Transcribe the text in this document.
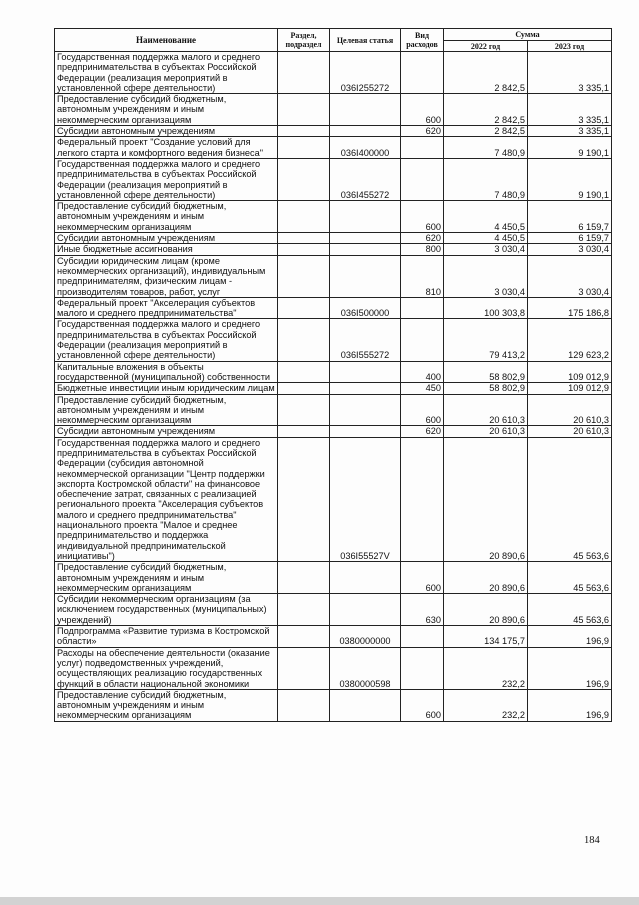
Наименование	Раздел, подраздел	Целевая статья	Вид расходов	Сумма	
				2022 год	2023 год
Государственная поддержка малого и среднего предпринимательства в субъектах Российской Федерации (реализация мероприятий в установленной сфере деятельности)		036I255272		2 842,5	3 335,1
Предоставление субсидий бюджетным, автономным учреждениям и иным некоммерческим организациям			600	2 842,5	3 335,1
Субсидии автономным учреждениям			620	2 842,5	3 335,1
Федеральный проект "Создание условий для легкого старта и комфортного ведения бизнеса"		036I400000		7 480,9	9 190,1
Государственная поддержка малого и среднего предпринимательства в субъектах Российской Федерации (реализация мероприятий в установленной сфере деятельности)		036I455272		7 480,9	9 190,1
Предоставление субсидий бюджетным, автономным учреждениям и иным некоммерческим организациям			600	4 450,5	6 159,7
Субсидии автономным учреждениям			620	4 450,5	6 159,7
Иные бюджетные ассигнования			800	3 030,4	3 030,4
Субсидии юридическим лицам (кроме некоммерческих организаций), индивидуальным предпринимателям, физическим лицам - производителям товаров, работ, услуг			810	3 030,4	3 030,4
Федеральный проект "Акселерация субъектов малого и среднего предпринимательства"		036I500000		100 303,8	175 186,8
Государственная поддержка малого и среднего предпринимательства в субъектах Российской Федерации (реализация мероприятий в установленной сфере деятельности)		036I555272		79 413,2	129 623,2
Капитальные вложения в объекты государственной (муниципальной) собственности			400	58 802,9	109 012,9
Бюджетные инвестиции иным юридическим лицам			450	58 802,9	109 012,9
Предоставление субсидий бюджетным, автономным учреждениям и иным некоммерческим организациям			600	20 610,3	20 610,3
Субсидии автономным учреждениям			620	20 610,3	20 610,3
Государственная поддержка малого и среднего предпринимательства в субъектах Российской Федерации (субсидия автономной некоммерческой организации "Центр поддержки экспорта Костромской области" на финансовое обеспечение затрат, связанных с реализацией регионального проекта "Акселерация субъектов малого и среднего предпринимательства" национального проекта "Малое и среднее предпринимательство и поддержка индивидуальной предпринимательской инициативы")		036I55527V		20 890,6	45 563,6
Предоставление субсидий бюджетным, автономным учреждениям и иным некоммерческим организациям			600	20 890,6	45 563,6
Субсидии некоммерческим организациям (за исключением государственных (муниципальных) учреждений)			630	20 890,6	45 563,6
Подпрограмма «Развитие туризма в Костромской области»		0380000000		134 175,7	196,9
Расходы на обеспечение деятельности (оказание услуг) подведомственных учреждений, осуществляющих реализацию государственных функций в области национальной экономики		0380000598		232,2	196,9
Предоставление субсидий бюджетным, автономным учреждениям и иным некоммерческим организациям			600	232,2	196,9
184
